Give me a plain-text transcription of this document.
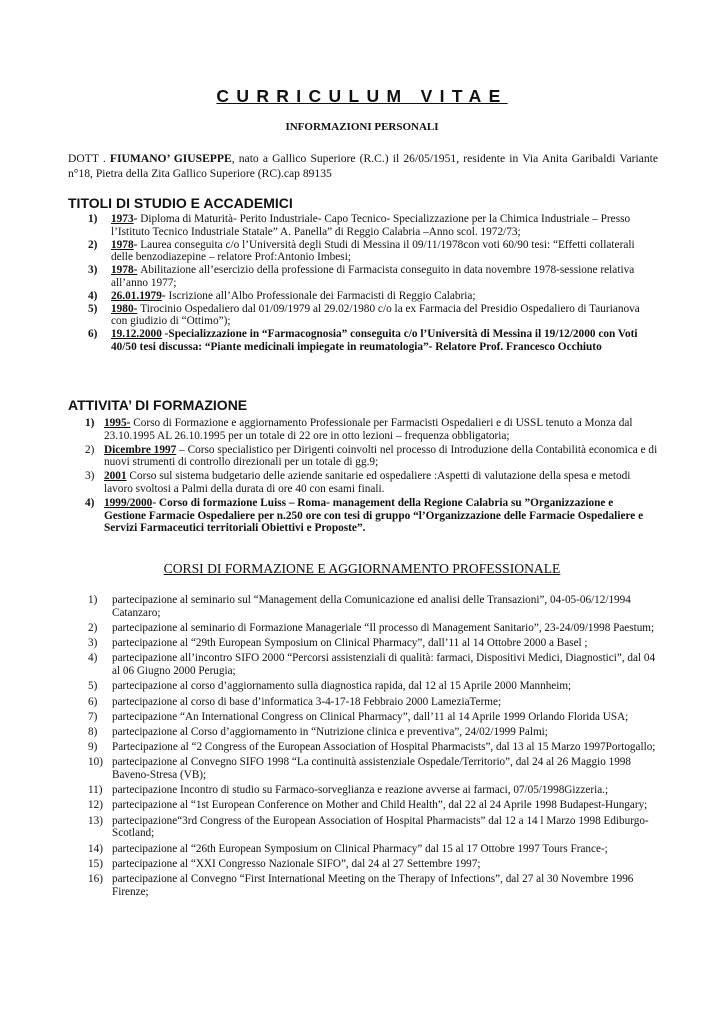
CURRICULUM VITAE
INFORMAZIONI PERSONALI
DOTT . FIUMANO’ GIUSEPPE, nato a Gallico Superiore (R.C.) il 26/05/1951, residente in Via Anita Garibaldi Variante n°18, Pietra della Zita Gallico Superiore (RC).cap 89135
TITOLI DI STUDIO E ACCADEMICI
1) 1973- Diploma di Maturità- Perito Industriale- Capo Tecnico- Specializzazione per la Chimica Industriale – Presso l’Istituto Tecnico Industriale Statale” A. Panella” di Reggio Calabria –Anno scol. 1972/73;
2) 1978- Laurea conseguita c/o l’Università degli Studi di Messina il 09/11/1978con voti 60/90 tesi: “Effetti collaterali delle benzodiazepine – relatore Prof:Antonio Imbesi;
3) 1978- Abilitazione all’esercizio della professione di Farmacista conseguito in data novembre 1978-sessione relativa all’anno 1977;
4) 26.01.1979- Iscrizione all’Albo Professionale dei Farmacisti di Reggio Calabria;
5) 1980- Tirocinio Ospedaliero dal 01/09/1979 al 29.02/1980 c/o la ex Farmacia del Presidio Ospedaliero di Taurianova con giudizio di “Ottimo”);
6) 19.12.2000 -Specializzazione in “Farmacognosia” conseguita c/o l’Università di Messina il 19/12/2000 con Voti 40/50 tesi discussa: “Piante medicinali impiegate in reumatologia”- Relatore Prof. Francesco Occhiuto
ATTIVITA’ DI FORMAZIONE
1) 1995- Corso di Formazione e aggiornamento Professionale per Farmacisti Ospedalieri e di USSL tenuto a Monza dal 23.10.1995 AL 26.10.1995 per un totale di 22 ore in otto lezioni – frequenza obbligatoria;
2) Dicembre 1997 – Corso specialistico per Dirigenti coinvolti nel processo di Introduzione della Contabilità economica e di nuovi strumenti di controllo direzionali per un totale di gg.9;
3) 2001 Corso sul sistema budgetario delle aziende sanitarie ed ospedaliere :Aspetti di valutazione della spesa e metodi lavoro svoltosi a Palmi della durata di ore 40 con esami finali.
4) 1999/2000- Corso di formazione Luiss – Roma- management della Regione Calabria su ”Organizzazione e Gestione Farmacie Ospedaliere per n.250 ore con tesi di gruppo “l’Organizzazione delle Farmacie Ospedaliere e Servizi Farmaceutici territoriali Obiettivi e Proposte”.
CORSI DI FORMAZIONE E AGGIORNAMENTO PROFESSIONALE
1) partecipazione al seminario sul “Management della Comunicazione ed analisi delle Transazioni”, 04-05-06/12/1994 Catanzaro;
2) partecipazione al seminario di Formazione Manageriale “Il processo di Management Sanitario”, 23-24/09/1998 Paestum;
3) partecipazione al “29th European Symposium on Clinical Pharmacy”, dall’11 al 14 Ottobre 2000 a Basel ;
4) partecipazione all’incontro SIFO 2000 “Percorsi assistenziali di qualità: farmaci, Dispositivi Medici, Diagnostici”, dal 04 al 06 Giugno 2000 Perugia;
5) partecipazione al corso d’aggiornamento sulla diagnostica rapida, dal 12 al 15 Aprile 2000 Mannheim;
6) partecipazione al corso di base d’informatica 3-4-17-18 Febbraio 2000 LameziaTerme;
7) partecipazione “An International Congress on Clinical Pharmacy”, dall’11 al 14 Aprile 1999 Orlando Florida USA;
8) partecipazione al Corso d’aggiornamento in “Nutrizione clinica e preventiva”, 24/02/1999 Palmi;
9) Partecipazione al “2 Congress of the European Association of Hospital Pharmacists”, dal 13 al 15 Marzo 1997Portogallo;
10) partecipazione al Convegno SIFO 1998 “La continuità assistenziale Ospedale/Territorio”, dal 24 al 26 Maggio 1998 Baveno-Stresa (VB);
11) partecipazione Incontro di studio su Farmaco-sorveglianza e reazione avverse ai farmaci, 07/05/1998Gizzeria.;
12) partecipazione al “1st European Conference on Mother and Child Health”, dal 22 al 24 Aprile 1998 Budapest-Hungary;
13) partecipazione“3rd Congress of the European Association of Hospital Pharmacists” dal 12 a 14 l Marzo 1998 Ediburgo- Scotland;
14) partecipazione al “26th European Symposium on Clinical Pharmacy” dal 15 al 17 Ottobre 1997 Tours France-;
15) partecipazione al “XXI Congresso Nazionale SIFO”, dal 24 al 27 Settembre 1997;
16) partecipazione al Convegno “First International Meeting on the Therapy of Infections”, dal 27 al 30 Novembre 1996 Firenze;
